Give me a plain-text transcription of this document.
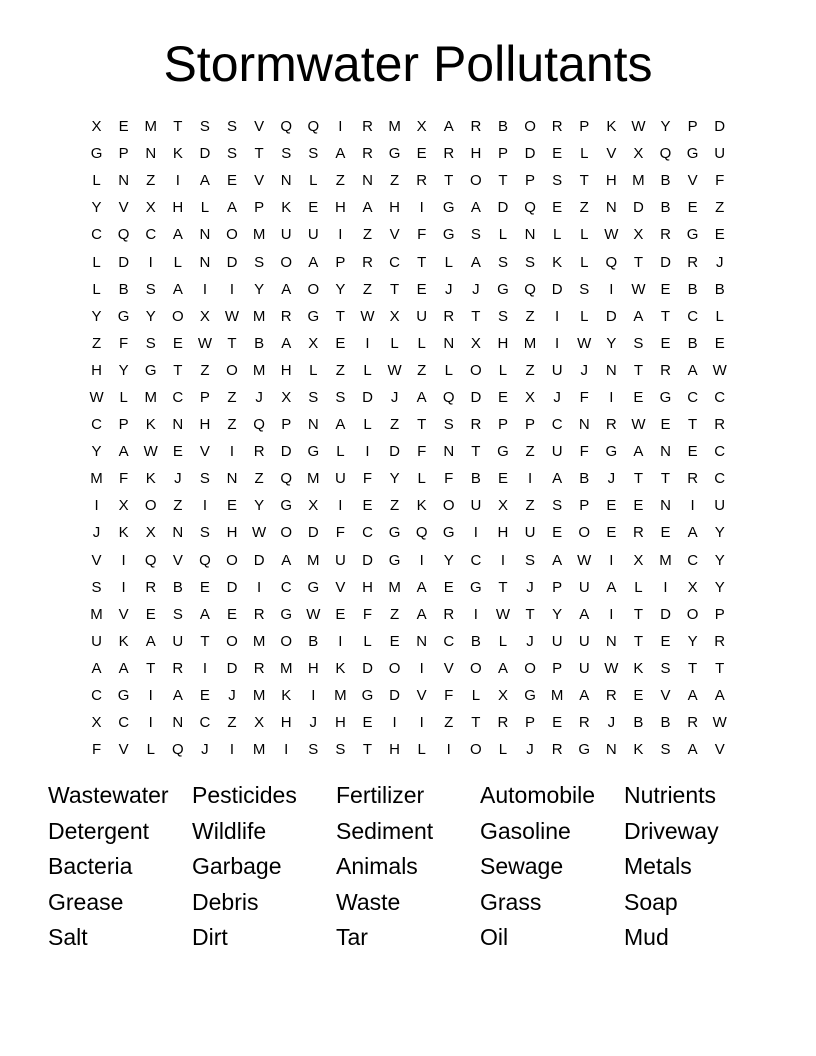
Stormwater Pollutants
X	E	M	T	S	S	V	Q	Q	I	R	M	X	A	R	B	O	R	P	K	W	Y	P	D
G	P	N	K	D	S	T	S	S	A	R	G	E	R	H	P	D	E	L	V	X	Q	G	U
L	N	Z	I	A	E	V	N	L	Z	N	Z	R	T	O	T	P	S	T	H	M	B	V	F
Y	V	X	H	L	A	P	K	E	H	A	H	I	G	A	D	Q	E	Z	N	D	B	E	Z
C	Q	C	A	N	O	M	U	U	I	Z	V	F	G	S	L	N	L	L	W	X	R	G	E
L	D	I	L	N	D	S	O	A	P	R	C	T	L	A	S	S	K	L	Q	T	D	R	J
L	B	S	A	I	I	Y	A	O	Y	Z	T	E	J	J	G	Q	D	S	I	W	E	B	B
Y	G	Y	O	X	W M	R	G	T	W	X	U	R	T	S	Z	I	L	D	A	T	C	L
Z	F	S	E	W	T	B	A	X	E	I	L	L	N	X	H	M	I	W	Y	S	E	B	E
H	Y	G	T	Z	O	M	H	L	Z	L	W	Z	L	O	L	Z	U	J	N	T	R	A	W
W	L	M	C	P	Z	J	X	S	S	D	J	A	Q	D	E	X	J	F	I	E	G	C	C
C	P	K	N	H	Z	Q	P	N	A	L	Z	T	S	R	P	P	C	N	R W	E	T	R
Y	A	W	E	V	I	R	D	G	L	I	D	F	N	T	G	Z	U	F	G	A	N	E	C
M	F	K	J	S	N	Z	Q	M	U	F	Y	L	F	B	E	I	A	B	J	T	T	R	C
I	X	O	Z	I	E	Y	G	X	I	E	Z	K	O	U	X	Z	S	P	E	E	N	I	U
J	K	X	N	S	H W O	D	F	C	G	Q	G	I	H	U	E	O	E	R	E	A	Y
V	I	Q	V	Q	O	D	A	M	U	D	G	I	Y	C	I	S	A	W	I	X	M	C	Y
S	I	R	B	E	D	I	C	G	V	H	M	A	E	G	T	J	P	U	A	L	I	X	Y
M	V	E	S	A	E	R	G W	E	F	Z	A	R	I	W	T	Y	A	I	T	D	O	P
U	K	A	U	T	O	M	O	B	I	L	E	N	C	B	L	J	U	U	N	T	E	Y	R
A	A	T	R	I	D	R	M	H	K	D	O	I	V	O	A	O	P	U W	K	S	T	T
C	G	I	A	E	J	M	K	I	M	G	D	V	F	L	X	G	M	A	R	E	V	A	A
X	C	I	N	C	Z	X	H	J	H	E	I	I	Z	T	R	P	E	R	J	B	B	R W
F	V	L	Q	J	I	M	I	S	S	T	H	L	I	O	L	J	R	G	N	K	S	A	V
Wastewater	Pesticides	Fertilizer	Automobile	Nutrients
Detergent	Wildlife	Sediment	Gasoline	Driveway
Bacteria	Garbage	Animals	Sewage	Metals
Grease	Debris	Waste	Grass	Soap
Salt	Dirt	Tar	Oil	Mud
